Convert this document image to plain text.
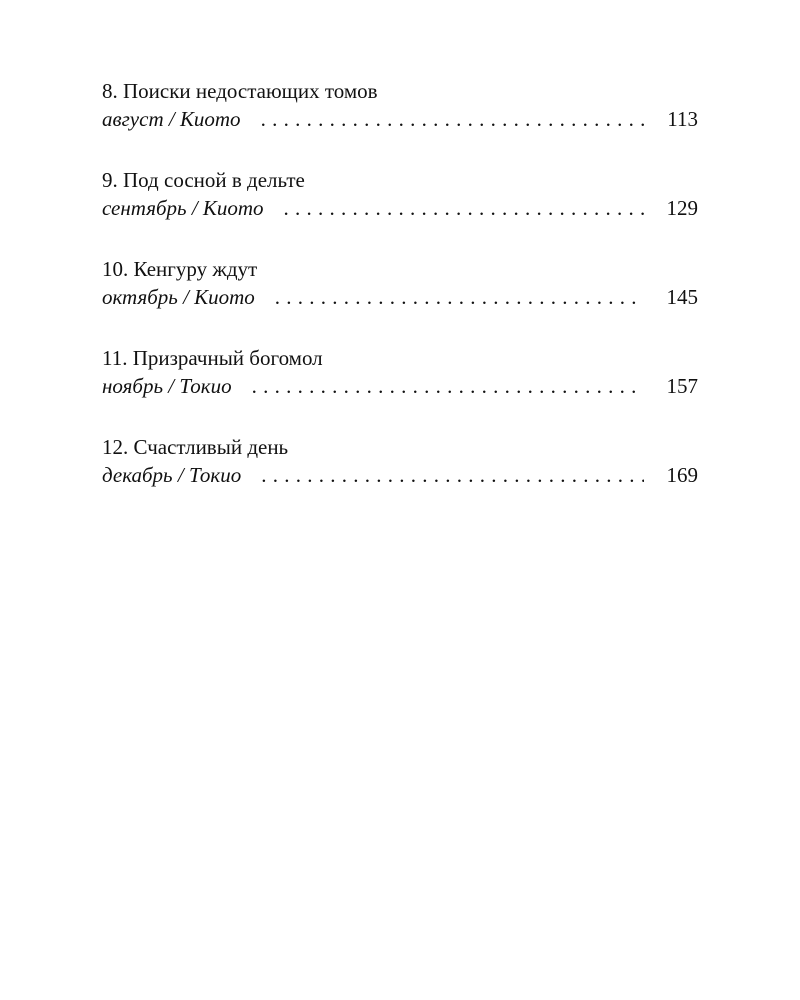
8. Поиски недостающих томов
август / Киото . . .	113
9. Под сосной в дельте
сентябрь / Киото . . .	129
10. Кенгуру ждут
октябрь / Киото . . .	145
11. Призрачный богомол
ноябрь / Токио . . .	157
12. Счастливый день
декабрь / Токио . . .	169
